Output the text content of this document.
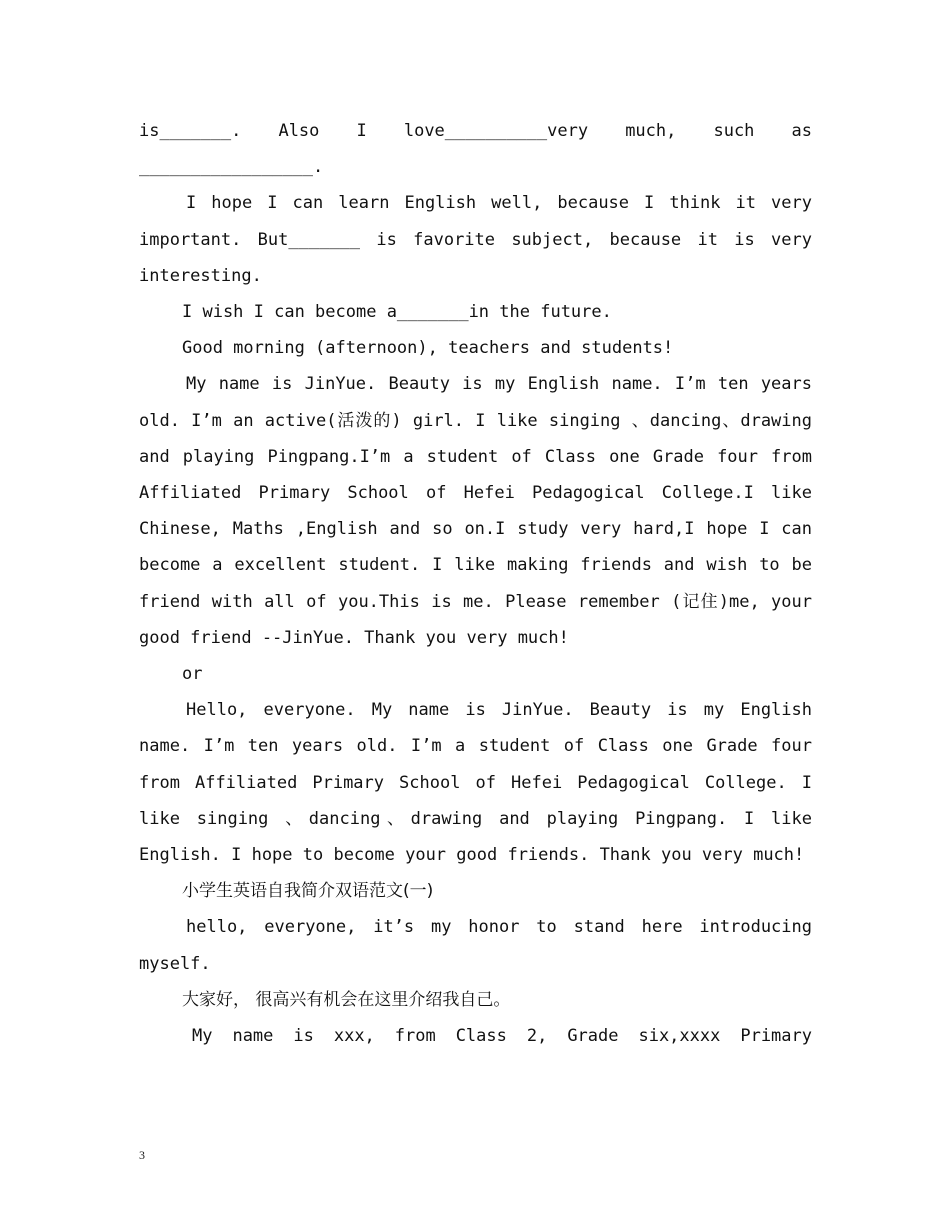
is_______. Also I love__________very much, such as _________________.

I hope I can learn English well, because I think it very important. But_______ is favorite subject, because it is very interesting.

I wish I can become a_______in the future.

Good morning (afternoon), teachers and students!

My name is JinYue. Beauty is my English name. I’m ten years old. I’m an active(活泼的) girl. I like singing 、dancing、drawing and playing Pingpang.I’m a student of Class one Grade four from Affiliated Primary School of Hefei Pedagogical College.I like Chinese, Maths ,English and so on.I study very hard,I hope I can become a excellent student. I like making friends and wish to be friend with all of you.This is me. Please remember (记住)me, your good friend --JinYue. Thank you very much!

or

Hello, everyone. My name is JinYue. Beauty is my English name. I’m ten years old. I’m a student of Class one Grade four from Affiliated Primary School of Hefei Pedagogical College. I like singing 、dancing、drawing and playing Pingpang. I like English. I hope to become your good friends. Thank you very much!

小学生英语自我简介双语范文(一)

hello, everyone, it’s my honor to stand here introducing myself.

大家好， 很高兴有机会在这里介绍我自己。

My name is xxx, from Class 2, Grade six,xxxx Primary

3
